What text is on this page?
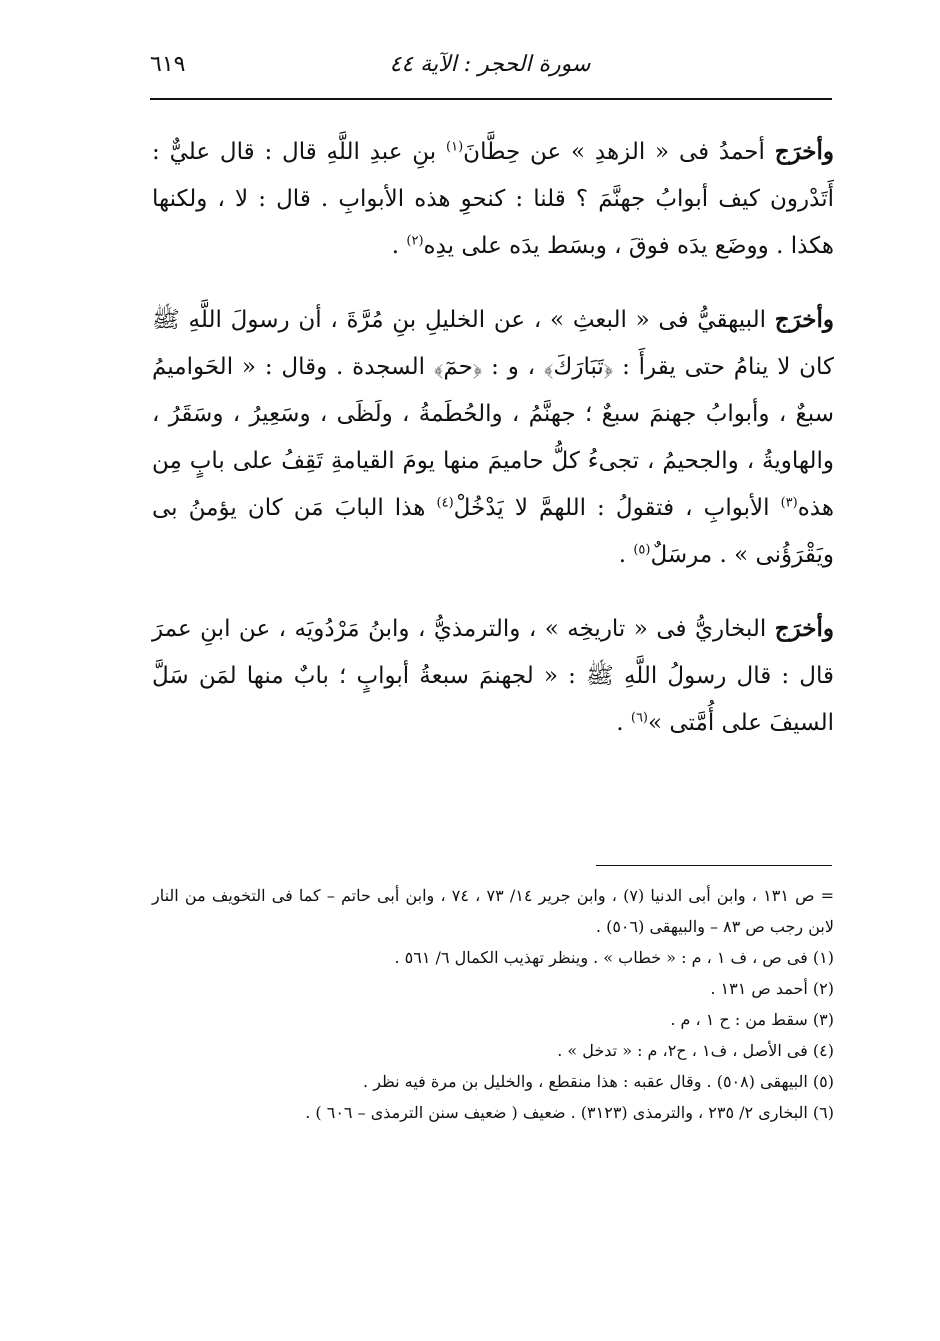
٦١٩	سورة الحجر : الآية ٤٤

وأخرَج أحمدُ فى « الزهدِ » عن حِطَّانَ$^{(١)}$ بنِ عبدِ اللَّهِ قال : قال عليٌّ : أَتَدْرون كيف أبوابُ جهنَّمَ ؟ قلنا : كنحوِ هذه الأبوابِ . قال : لا ، ولكنها هكذا . ووضَع يدَه فوقَ ، وبسَط يدَه على يدِه$^{(٢)}$ .

وأخرَج البيهقيُّ فى « البعثِ » ، عن الخليلِ بنِ مُرَّةَ ، أن رسولَ اللَّهِ ﷺ كان لا ينامُ حتى يقرأَ : ﴿تَبَارَكَ﴾ ، و : ﴿حمٓ﴾ السجدة . وقال : « الحَواميمُ سبعٌ ، وأبوابُ جهنمَ سبعٌ ؛ جهنَّمُ ، والحُطَمةُ ، ولَظَى ، وسَعِيرُ ، وسَقَرُ ، والهاويةُ ، والجحيمُ ، تجىءُ كلُّ حاميمَ منها يومَ القيامةِ تَقِفُ على بابٍ مِن هذه$^{(٣)}$ الأبوابِ ، فتقولُ : اللهمَّ لا يَدْخُلْ$^{(٤)}$ هذا البابَ مَن كان يؤمنُ بى ويَقْرَؤُنى » . مرسَلٌ$^{(٥)}$ .

وأخرَج البخاريُّ فى « تاريخِه » ، والترمذيُّ ، وابنُ مَرْدُويَه ، عن ابنِ عمرَ قال : قال رسولُ اللَّهِ ﷺ : « لجهنمَ سبعةُ أبوابٍ ؛ بابٌ منها لمَن سَلَّ السيفَ على أُمَّتى »$^{(٦)}$ .

= ص ١٣١ ، وابن أبى الدنيا (٧) ، وابن جرير ١٤/ ٧٣ ، ٧٤ ، وابن أبى حاتم – كما فى التخويف من النار لابن رجب ص ٨٣ – والبيهقى (٥٠٦) .

(١) فى ص ، ف ١ ، م : « خطاب » . وينظر تهذيب الكمال ٦/ ٥٦١ .

(٢) أحمد ص ١٣١ .

(٣) سقط من : ح ١ ، م .

(٤) فى الأصل ، ف١ ، ح٢، م : « تدخل » .

(٥) البيهقى (٥٠٨) . وقال عقبه : هذا منقطع ، والخليل بن مرة فيه نظر .

(٦) البخارى ٢/ ٢٣٥ ، والترمذى (٣١٢٣) . ضعيف ( ضعيف سنن الترمذى – ٦٠٦ ) .
